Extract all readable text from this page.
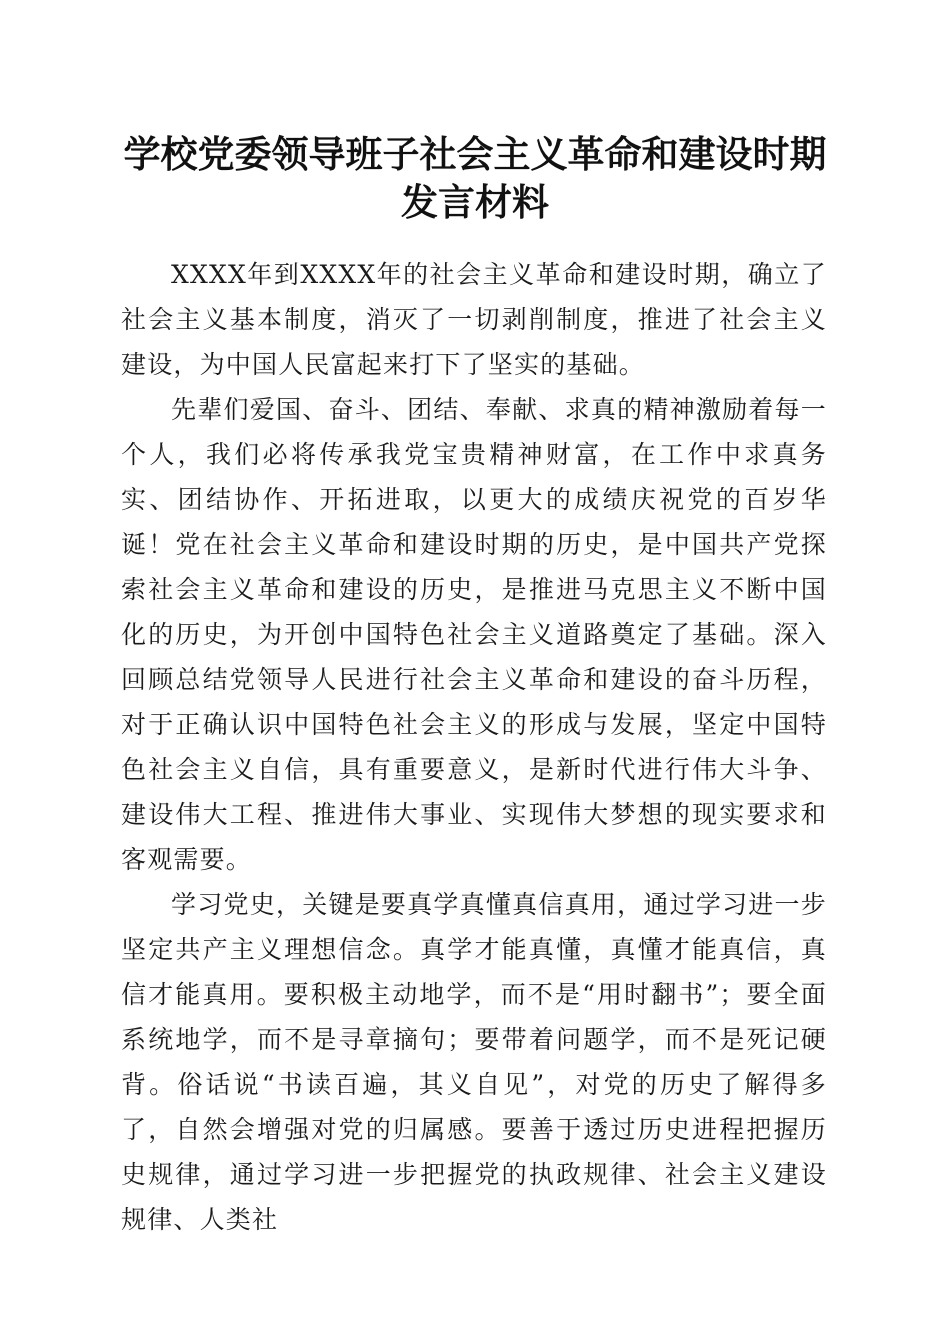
学校党委领导班子社会主义革命和建设时期发言材料

XXXX年到XXXX年的社会主义革命和建设时期，确立了社会主义基本制度，消灭了一切剥削制度，推进了社会主义建设，为中国人民富起来打下了坚实的基础。

先辈们爱国、奋斗、团结、奉献、求真的精神激励着每一个人，我们必将传承我党宝贵精神财富，在工作中求真务实、团结协作、开拓进取，以更大的成绩庆祝党的百岁华诞！党在社会主义革命和建设时期的历史，是中国共产党探索社会主义革命和建设的历史，是推进马克思主义不断中国化的历史，为开创中国特色社会主义道路奠定了基础。深入回顾总结党领导人民进行社会主义革命和建设的奋斗历程，对于正确认识中国特色社会主义的形成与发展，坚定中国特色社会主义自信，具有重要意义，是新时代进行伟大斗争、建设伟大工程、推进伟大事业、实现伟大梦想的现实要求和客观需要。

学习党史，关键是要真学真懂真信真用，通过学习进一步坚定共产主义理想信念。真学才能真懂，真懂才能真信，真信才能真用。要积极主动地学，而不是“用时翻书”；要全面系统地学，而不是寻章摘句；要带着问题学，而不是死记硬背。俗话说“书读百遍，其义自见”，对党的历史了解得多了，自然会增强对党的归属感。要善于透过历史进程把握历史规律，通过学习进一步把握党的执政规律、社会主义建设规律、人类社
